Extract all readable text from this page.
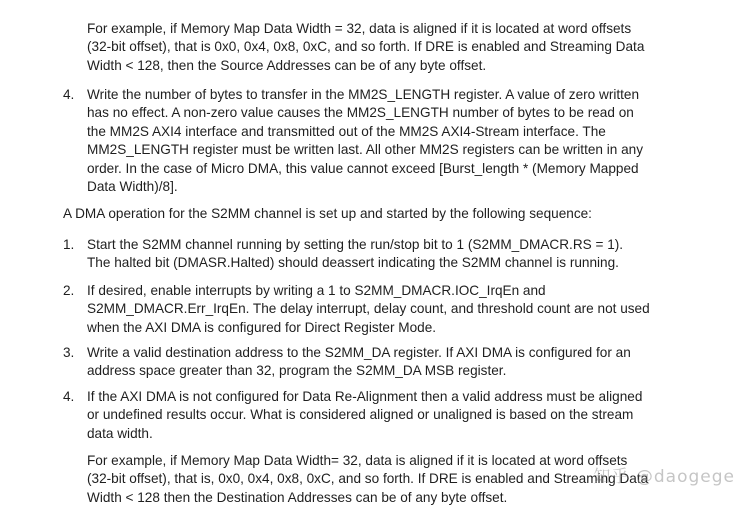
For example, if Memory Map Data Width = 32, data is aligned if it is located at word offsets
(32-bit offset), that is 0x0, 0x4, 0x8, 0xC, and so forth. If DRE is enabled and Streaming Data
Width < 128, then the Source Addresses can be of any byte offset.
4. Write the number of bytes to transfer in the MM2S_LENGTH register. A value of zero written
has no effect. A non-zero value causes the MM2S_LENGTH number of bytes to be read on
the MM2S AXI4 interface and transmitted out of the MM2S AXI4-Stream interface. The
MM2S_LENGTH register must be written last. All other MM2S registers can be written in any
order. In the case of Micro DMA, this value cannot exceed [Burst_length * (Memory Mapped
Data Width)/8].
A DMA operation for the S2MM channel is set up and started by the following sequence:
1. Start the S2MM channel running by setting the run/stop bit to 1 (S2MM_DMACR.RS = 1).
The halted bit (DMASR.Halted) should deassert indicating the S2MM channel is running.
2. If desired, enable interrupts by writing a 1 to S2MM_DMACR.IOC_IrqEn and
S2MM_DMACR.Err_IrqEn. The delay interrupt, delay count, and threshold count are not used
when the AXI DMA is configured for Direct Register Mode.
3. Write a valid destination address to the S2MM_DA register. If AXI DMA is configured for an
address space greater than 32, program the S2MM_DA MSB register.
4. If the AXI DMA is not configured for Data Re-Alignment then a valid address must be aligned
or undefined results occur. What is considered aligned or unaligned is based on the stream
data width.
For example, if Memory Map Data Width= 32, data is aligned if it is located at word offsets
(32-bit offset), that is, 0x0, 0x4, 0x8, 0xC, and so forth. If DRE is enabled and Streaming Data
Width < 128 then the Destination Addresses can be of any byte offset.
知乎 @daogege
